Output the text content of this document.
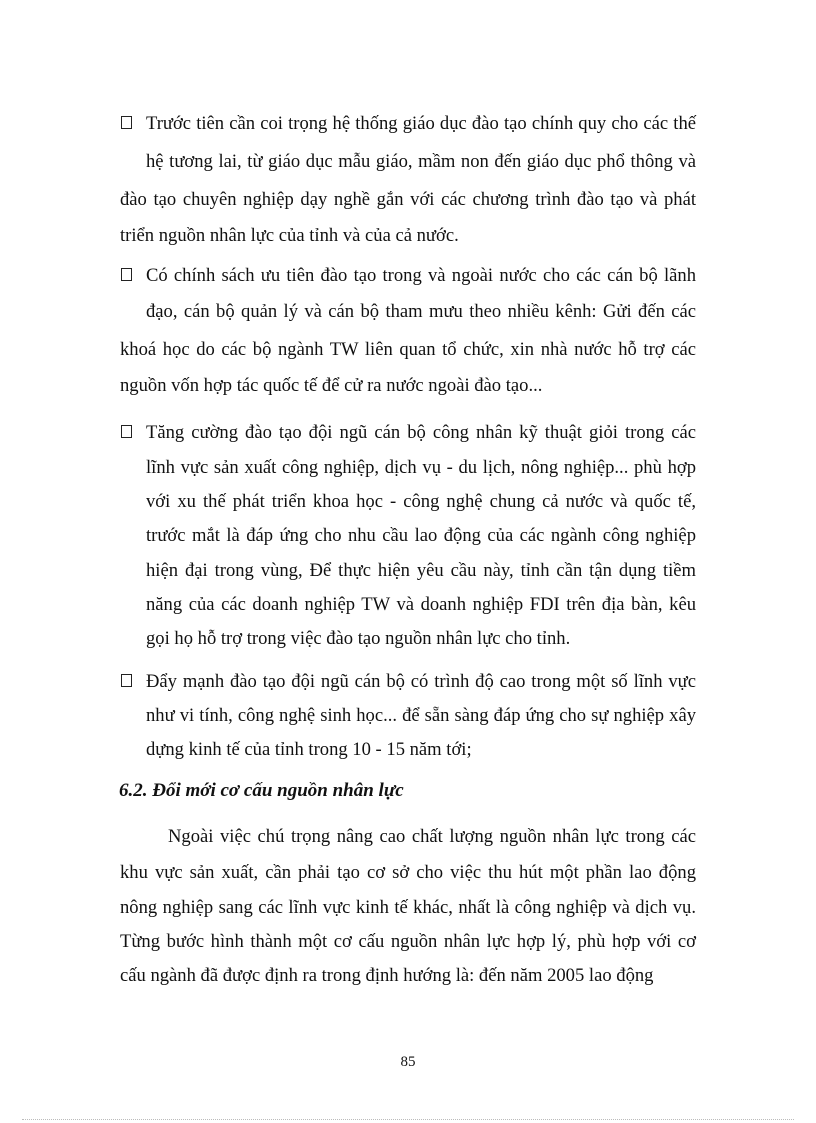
Trước tiên cần coi trọng hệ thống giáo dục đào tạo chính quy cho các thế
hệ tương lai, từ giáo dục mẫu giáo, mầm non đến giáo dục phổ thông và
đào tạo chuyên nghiệp dạy nghề gắn với các chương trình đào tạo và phát
triển nguồn nhân lực của tỉnh và của cả nước.
Có chính sách ưu tiên đào tạo trong và ngoài nước cho các cán bộ lãnh
đạo, cán bộ quản lý và cán bộ tham mưu theo nhiều kênh: Gửi đến các
khoá học do các bộ ngành TW liên quan tổ chức, xin nhà nước hỗ trợ các
nguồn vốn hợp tác quốc tế để cử ra nước ngoài đào tạo...
Tăng cường đào tạo đội ngũ cán bộ công nhân kỹ thuật giỏi trong các
lĩnh vực sản xuất công nghiệp, dịch vụ - du lịch, nông nghiệp... phù hợp
với xu thế phát triển khoa học - công nghệ chung cả nước và quốc tế,
trước mắt là đáp ứng cho nhu cầu lao động của các ngành công nghiệp
hiện đại trong vùng, Để thực hiện yêu cầu này, tỉnh cần tận dụng tiềm
năng của các doanh nghiệp TW và doanh nghiệp FDI trên địa bàn, kêu
gọi họ hỗ trợ trong việc đào tạo nguồn nhân lực cho tỉnh.
Đẩy mạnh đào tạo đội ngũ cán bộ có trình độ cao trong một số lĩnh vực
như vi tính, công nghệ sinh học... để sẵn sàng đáp ứng cho sự nghiệp xây
dựng kinh tế của tỉnh trong 10 - 15 năm tới;
6.2. Đổi mới cơ cấu nguồn nhân lực
Ngoài việc chú trọng nâng cao chất lượng nguồn nhân lực trong các
khu vực sản xuất, cần phải tạo cơ sở cho việc thu hút một phần lao động
nông nghiệp sang các lĩnh vực kinh tế khác, nhất là công nghiệp và dịch vụ.
Từng bước hình thành một cơ cấu nguồn nhân lực hợp lý, phù hợp với cơ
cấu ngành đã được định ra trong định hướng là: đến năm 2005 lao động
85
